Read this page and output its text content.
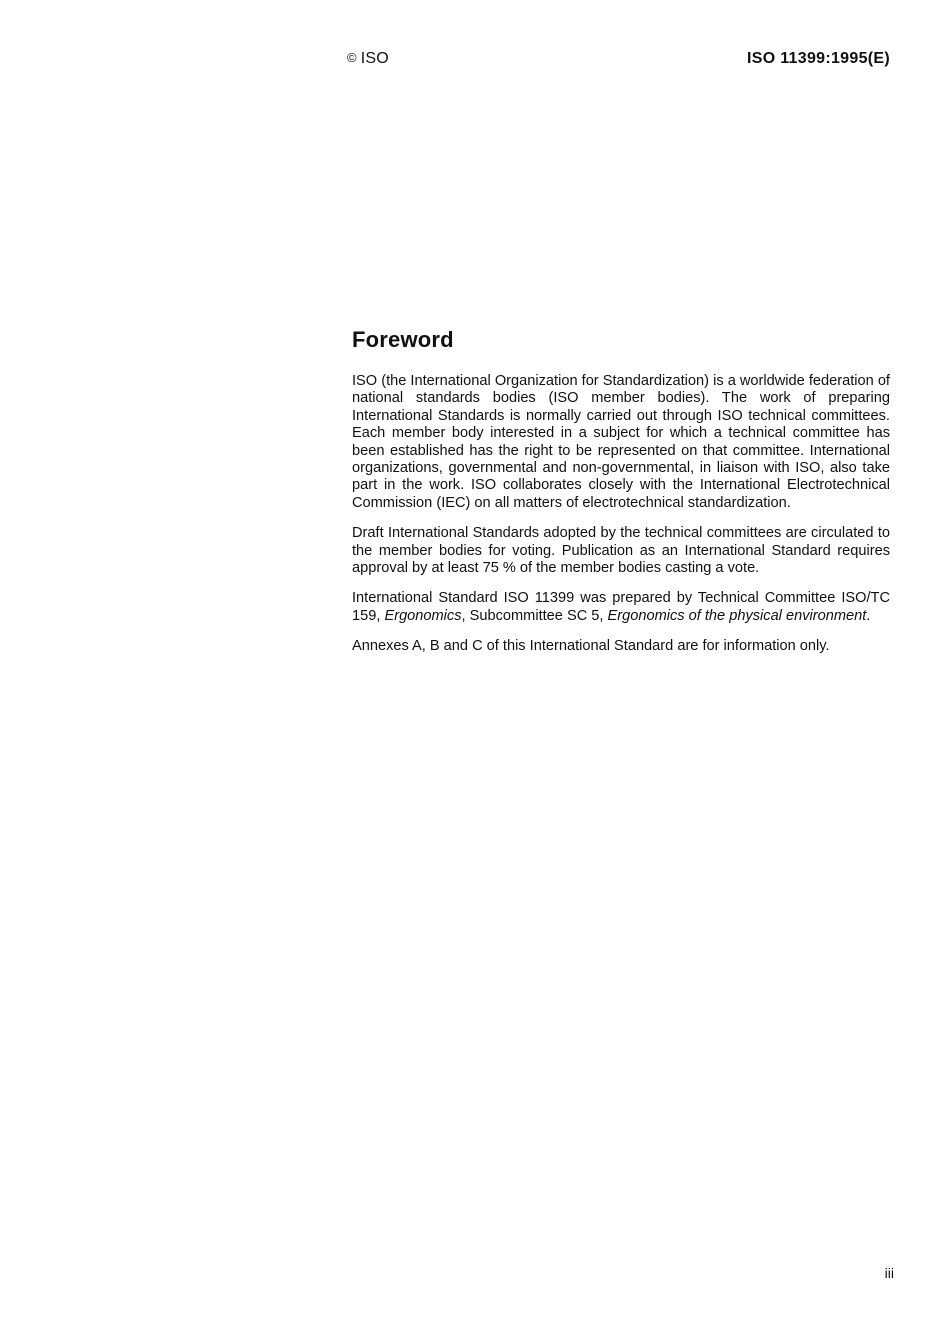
© ISO	ISO 11399:1995(E)
Foreword

ISO (the International Organization for Standardization) is a worldwide federation of national standards bodies (ISO member bodies). The work of preparing International Standards is normally carried out through ISO technical committees. Each member body interested in a subject for which a technical committee has been established has the right to be represented on that committee. International organizations, governmental and non-governmental, in liaison with ISO, also take part in the work. ISO collaborates closely with the International Electrotechnical Commission (IEC) on all matters of electrotechnical standardization.

Draft International Standards adopted by the technical committees are circulated to the member bodies for voting. Publication as an International Standard requires approval by at least 75 % of the member bodies casting a vote.

International Standard ISO 11399 was prepared by Technical Committee ISO/TC 159, Ergonomics, Subcommittee SC 5, Ergonomics of the physical environment.

Annexes A, B and C of this International Standard are for information only.

iii
